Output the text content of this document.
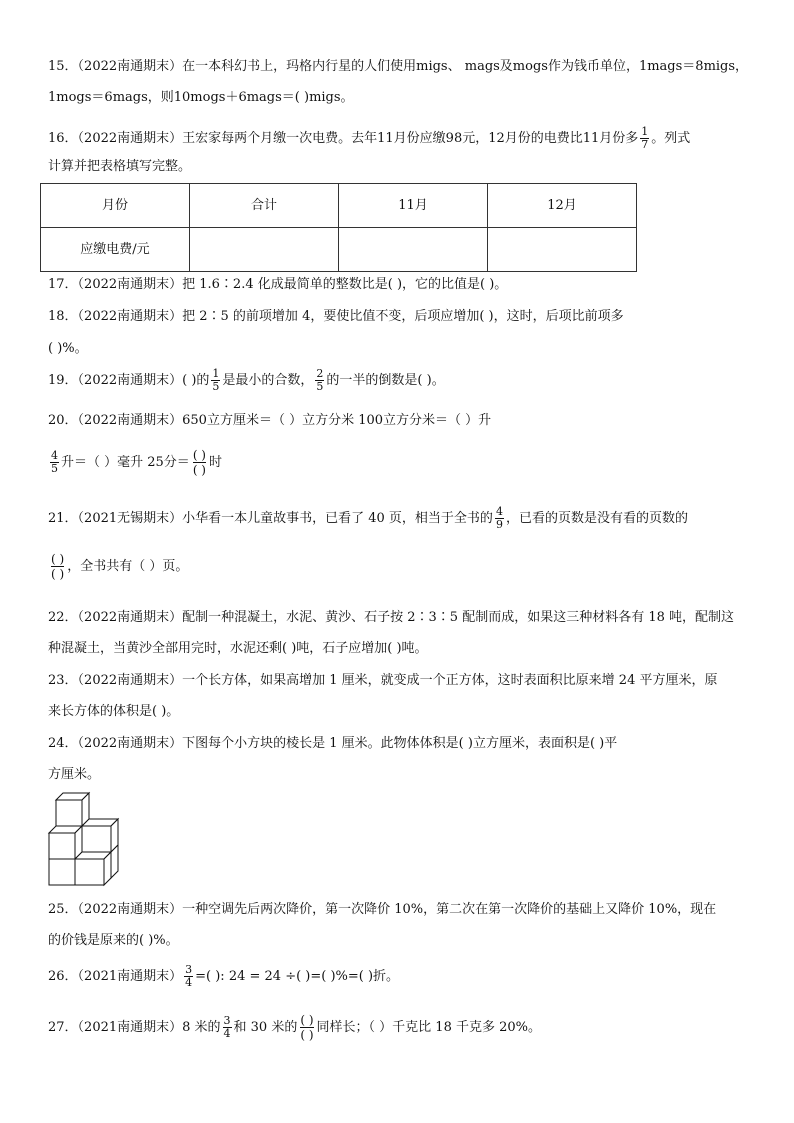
15．（2022南通期末）在一本科幻书上，玛格内行星的人们使用migs、 mags及mogs作为钱币单位，1mags＝8migs，
1mogs＝6mags，则10mogs＋6mags＝( )migs。
16．（2022南通期末）王宏家每两个月缴一次电费。去年11月份应缴98元，12月份的电费比11月份多 $\frac{1}{7}$ 。列式
计算并把表格填写完整。
月份	合计	11月	12月
应缴电费/元			
17．（2022南通期末）把 1.6∶2.4 化成最简单的整数比是( )，它的比值是( )。
18．（2022南通期末）把 2∶5 的前项增加 4，要使比值不变，后项应增加( )，这时，后项比前项多
( )%。
19．（2022南通期末）( )的 $\frac{1}{5}$ 是最小的合数， $\frac{2}{5}$ 的一半的倒数是( )。
20．（2022南通期末）650立方厘米＝（ ）立方分米 100立方分米＝（ ）升
$\frac{4}{5}$ 升＝（ ）毫升 25分＝ $\frac{( )}{( )}$ 时
21．（2021无锡期末）小华看一本儿童故事书，已看了 40 页，相当于全书的 $\frac{4}{9}$ ，已看的页数是没有看的页数的
$\frac{( )}{( )}$ ，全书共有（ ）页。
22．（2022南通期末）配制一种混凝土，水泥、黄沙、石子按 2∶3∶5 配制而成，如果这三种材料各有 18 吨，配制这
种混凝土，当黄沙全部用完时，水泥还剩( )吨，石子应增加( )吨。
23．（2022南通期末）一个长方体，如果高增加 1 厘米，就变成一个正方体，这时表面积比原来增 24 平方厘米，原
来长方体的体积是( )。
24．（2022南通期末）下图每个小方块的棱长是 1 厘米。此物体体积是( )立方厘米，表面积是( )平
方厘米。
25．（2022南通期末）一种空调先后两次降价，第一次降价 10%，第二次在第一次降价的基础上又降价 10%，现在
的价钱是原来的( )%。
26．（2021南通期末） $\frac{3}{4}$ =( ): 24 = 24 ÷( )=( )%=( )折。
27．（2021南通期末）8 米的 $\frac{3}{4}$ 和 30 米的 $\frac{( )}{( )}$ 同样长；（ ）千克比 18 千克多 20%。
